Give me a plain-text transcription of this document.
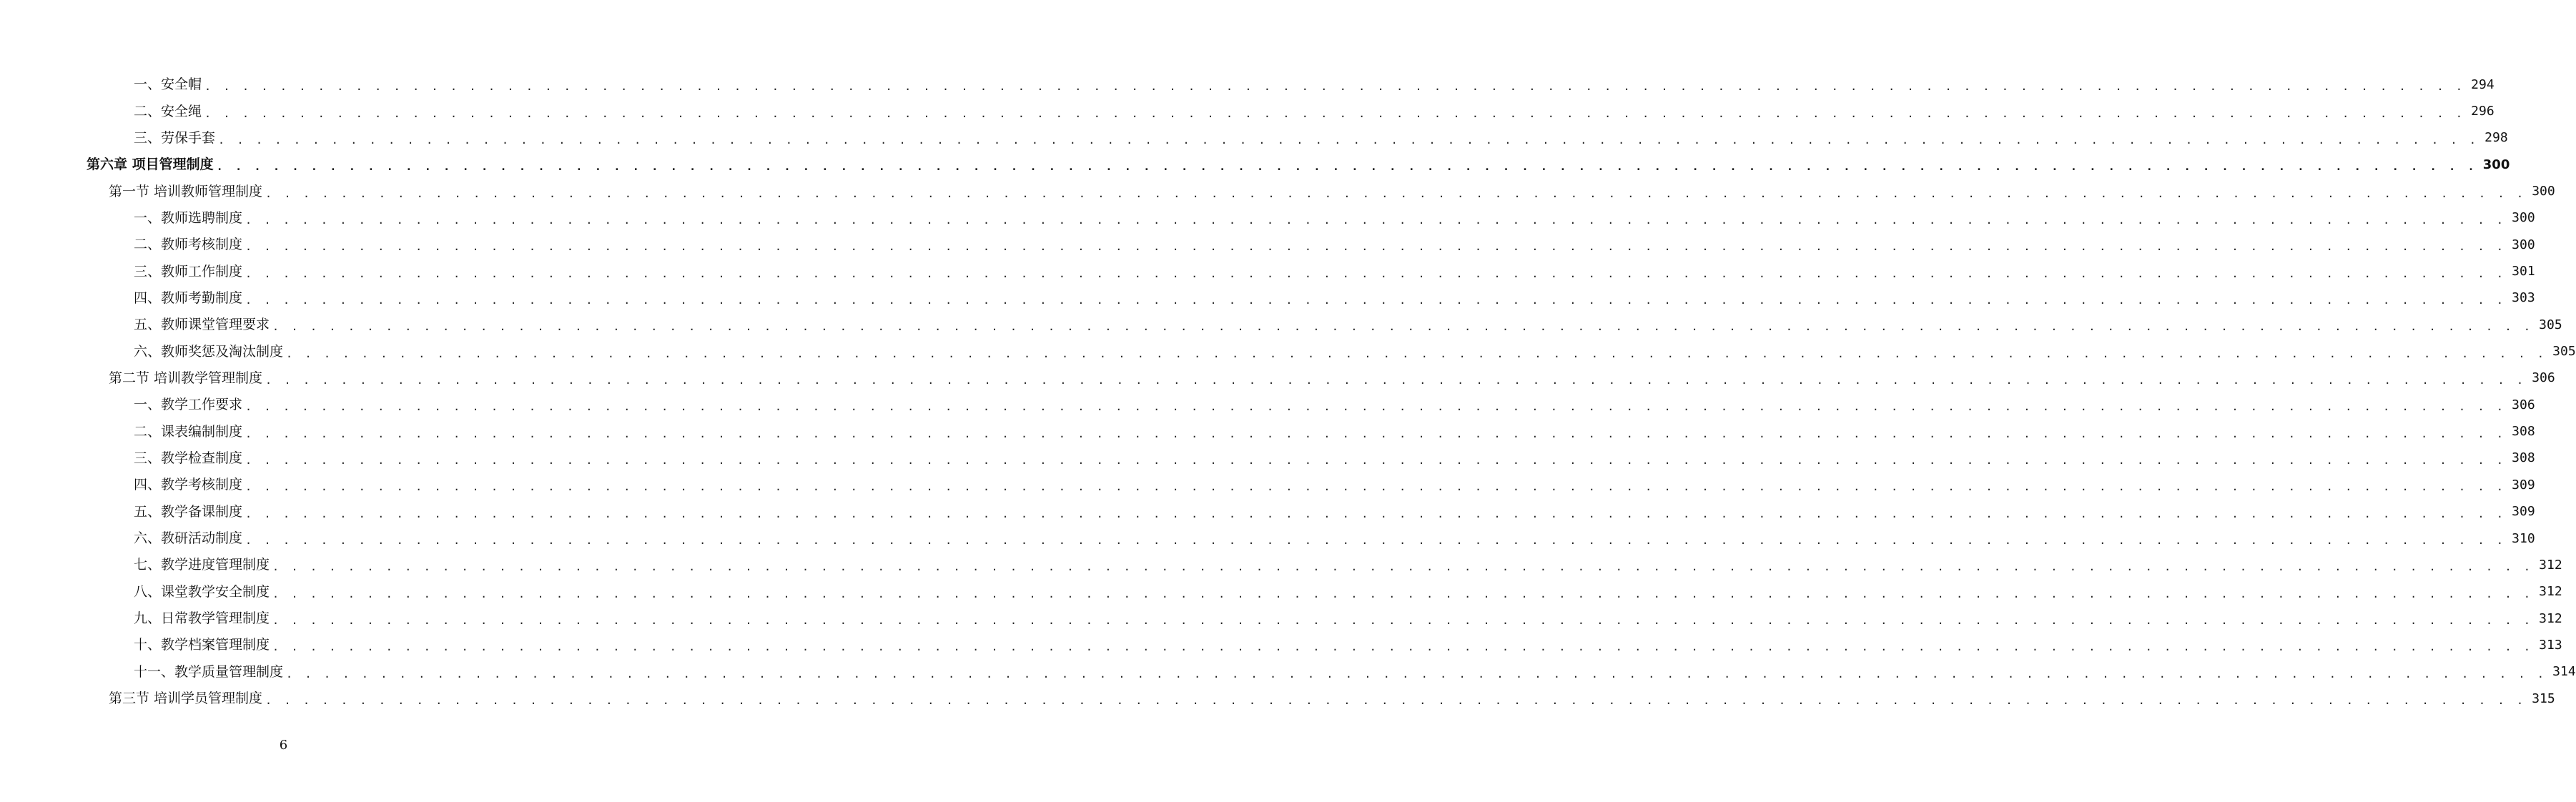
一、安全帽 . . . . . . . . . . . . . . . . . . . . . . . . . . . . . . . . . . . . . . . . . . . . . . . . . . . . . . . . . . . . . . . . . . . . . . . . . . . . . . . . . . . . . . . . . . . . . . . . . . . . . . . . . . . . . . . . . . . . . . . . 294
二、安全绳 . . . . . . . . . . . . . . . . . . . . . . . . . . . . . . . . . . . . . . . . . . . . . . . . . . . . . . . . . . . . . . . . . . . . . . . . . . . . . . . . . . . . . . . . . . . . . . . . . . . . . . . . . . . . . . . . . . . . . . . . 296
三、劳保手套 . . . . . . . . . . . . . . . . . . . . . . . . . . . . . . . . . . . . . . . . . . . . . . . . . . . . . . . . . . . . . . . . . . . . . . . . . . . . . . . . . . . . . . . . . . . . . . . . . . . . . . . . . . . . . . . . . . . . . . . . 298
第六章 项目管理制度 . . . . . . . . . . . . . . . . . . . . . . . . . . . . . . . . . . . . . . . . . . . . . . . . . . . . . . . . . . . . . . . . . . . . . . . . . . . . . . . . . . . . . . . . . . . . . . . . . . . . . . . . . . . . . . . . . . . . . . . . 300
第一节 培训教师管理制度 . . . . . . . . . . . . . . . . . . . . . . . . . . . . . . . . . . . . . . . . . . . . . . . . . . . . . . . . . . . . . . . . . . . . . . . . . . . . . . . . . . . . . . . . . . . . . . . . . . . . . . . . . . . . . . . . . . . . . . . . 300
一、教师选聘制度 . . . . . . . . . . . . . . . . . . . . . . . . . . . . . . . . . . . . . . . . . . . . . . . . . . . . . . . . . . . . . . . . . . . . . . . . . . . . . . . . . . . . . . . . . . . . . . . . . . . . . . . . . . . . . . . . . . . . . . . . 300
二、教师考核制度 . . . . . . . . . . . . . . . . . . . . . . . . . . . . . . . . . . . . . . . . . . . . . . . . . . . . . . . . . . . . . . . . . . . . . . . . . . . . . . . . . . . . . . . . . . . . . . . . . . . . . . . . . . . . . . . . . . . . . . . . 300
三、教师工作制度 . . . . . . . . . . . . . . . . . . . . . . . . . . . . . . . . . . . . . . . . . . . . . . . . . . . . . . . . . . . . . . . . . . . . . . . . . . . . . . . . . . . . . . . . . . . . . . . . . . . . . . . . . . . . . . . . . . . . . . . . 301
四、教师考勤制度 . . . . . . . . . . . . . . . . . . . . . . . . . . . . . . . . . . . . . . . . . . . . . . . . . . . . . . . . . . . . . . . . . . . . . . . . . . . . . . . . . . . . . . . . . . . . . . . . . . . . . . . . . . . . . . . . . . . . . . . . 303
五、教师课堂管理要求 . . . . . . . . . . . . . . . . . . . . . . . . . . . . . . . . . . . . . . . . . . . . . . . . . . . . . . . . . . . . . . . . . . . . . . . . . . . . . . . . . . . . . . . . . . . . . . . . . . . . . . . . . . . . . . . . . . . . . . . . 305
六、教师奖惩及淘汰制度 . . . . . . . . . . . . . . . . . . . . . . . . . . . . . . . . . . . . . . . . . . . . . . . . . . . . . . . . . . . . . . . . . . . . . . . . . . . . . . . . . . . . . . . . . . . . . . . . . . . . . . . . . . . . . . . . . . . . . . . . 305
第二节 培训教学管理制度 . . . . . . . . . . . . . . . . . . . . . . . . . . . . . . . . . . . . . . . . . . . . . . . . . . . . . . . . . . . . . . . . . . . . . . . . . . . . . . . . . . . . . . . . . . . . . . . . . . . . . . . . . . . . . . . . . . . . . . . . 306
一、教学工作要求 . . . . . . . . . . . . . . . . . . . . . . . . . . . . . . . . . . . . . . . . . . . . . . . . . . . . . . . . . . . . . . . . . . . . . . . . . . . . . . . . . . . . . . . . . . . . . . . . . . . . . . . . . . . . . . . . . . . . . . . . 306
二、课表编制制度 . . . . . . . . . . . . . . . . . . . . . . . . . . . . . . . . . . . . . . . . . . . . . . . . . . . . . . . . . . . . . . . . . . . . . . . . . . . . . . . . . . . . . . . . . . . . . . . . . . . . . . . . . . . . . . . . . . . . . . . . 308
三、教学检查制度 . . . . . . . . . . . . . . . . . . . . . . . . . . . . . . . . . . . . . . . . . . . . . . . . . . . . . . . . . . . . . . . . . . . . . . . . . . . . . . . . . . . . . . . . . . . . . . . . . . . . . . . . . . . . . . . . . . . . . . . . 308
四、教学考核制度 . . . . . . . . . . . . . . . . . . . . . . . . . . . . . . . . . . . . . . . . . . . . . . . . . . . . . . . . . . . . . . . . . . . . . . . . . . . . . . . . . . . . . . . . . . . . . . . . . . . . . . . . . . . . . . . . . . . . . . . . 309
五、教学备课制度 . . . . . . . . . . . . . . . . . . . . . . . . . . . . . . . . . . . . . . . . . . . . . . . . . . . . . . . . . . . . . . . . . . . . . . . . . . . . . . . . . . . . . . . . . . . . . . . . . . . . . . . . . . . . . . . . . . . . . . . . 309
六、教研活动制度 . . . . . . . . . . . . . . . . . . . . . . . . . . . . . . . . . . . . . . . . . . . . . . . . . . . . . . . . . . . . . . . . . . . . . . . . . . . . . . . . . . . . . . . . . . . . . . . . . . . . . . . . . . . . . . . . . . . . . . . . 310
七、教学进度管理制度 . . . . . . . . . . . . . . . . . . . . . . . . . . . . . . . . . . . . . . . . . . . . . . . . . . . . . . . . . . . . . . . . . . . . . . . . . . . . . . . . . . . . . . . . . . . . . . . . . . . . . . . . . . . . . . . . . . . . . . . . 312
八、课堂教学安全制度 . . . . . . . . . . . . . . . . . . . . . . . . . . . . . . . . . . . . . . . . . . . . . . . . . . . . . . . . . . . . . . . . . . . . . . . . . . . . . . . . . . . . . . . . . . . . . . . . . . . . . . . . . . . . . . . . . . . . . . . . 312
九、日常教学管理制度 . . . . . . . . . . . . . . . . . . . . . . . . . . . . . . . . . . . . . . . . . . . . . . . . . . . . . . . . . . . . . . . . . . . . . . . . . . . . . . . . . . . . . . . . . . . . . . . . . . . . . . . . . . . . . . . . . . . . . . . . 312
十、教学档案管理制度 . . . . . . . . . . . . . . . . . . . . . . . . . . . . . . . . . . . . . . . . . . . . . . . . . . . . . . . . . . . . . . . . . . . . . . . . . . . . . . . . . . . . . . . . . . . . . . . . . . . . . . . . . . . . . . . . . . . . . . . . 313
十一、教学质量管理制度 . . . . . . . . . . . . . . . . . . . . . . . . . . . . . . . . . . . . . . . . . . . . . . . . . . . . . . . . . . . . . . . . . . . . . . . . . . . . . . . . . . . . . . . . . . . . . . . . . . . . . . . . . . . . . . . . . . . . . . . . 314
第三节 培训学员管理制度 . . . . . . . . . . . . . . . . . . . . . . . . . . . . . . . . . . . . . . . . . . . . . . . . . . . . . . . . . . . . . . . . . . . . . . . . . . . . . . . . . . . . . . . . . . . . . . . . . . . . . . . . . . . . . . . . . . . . . . . . 315
6
